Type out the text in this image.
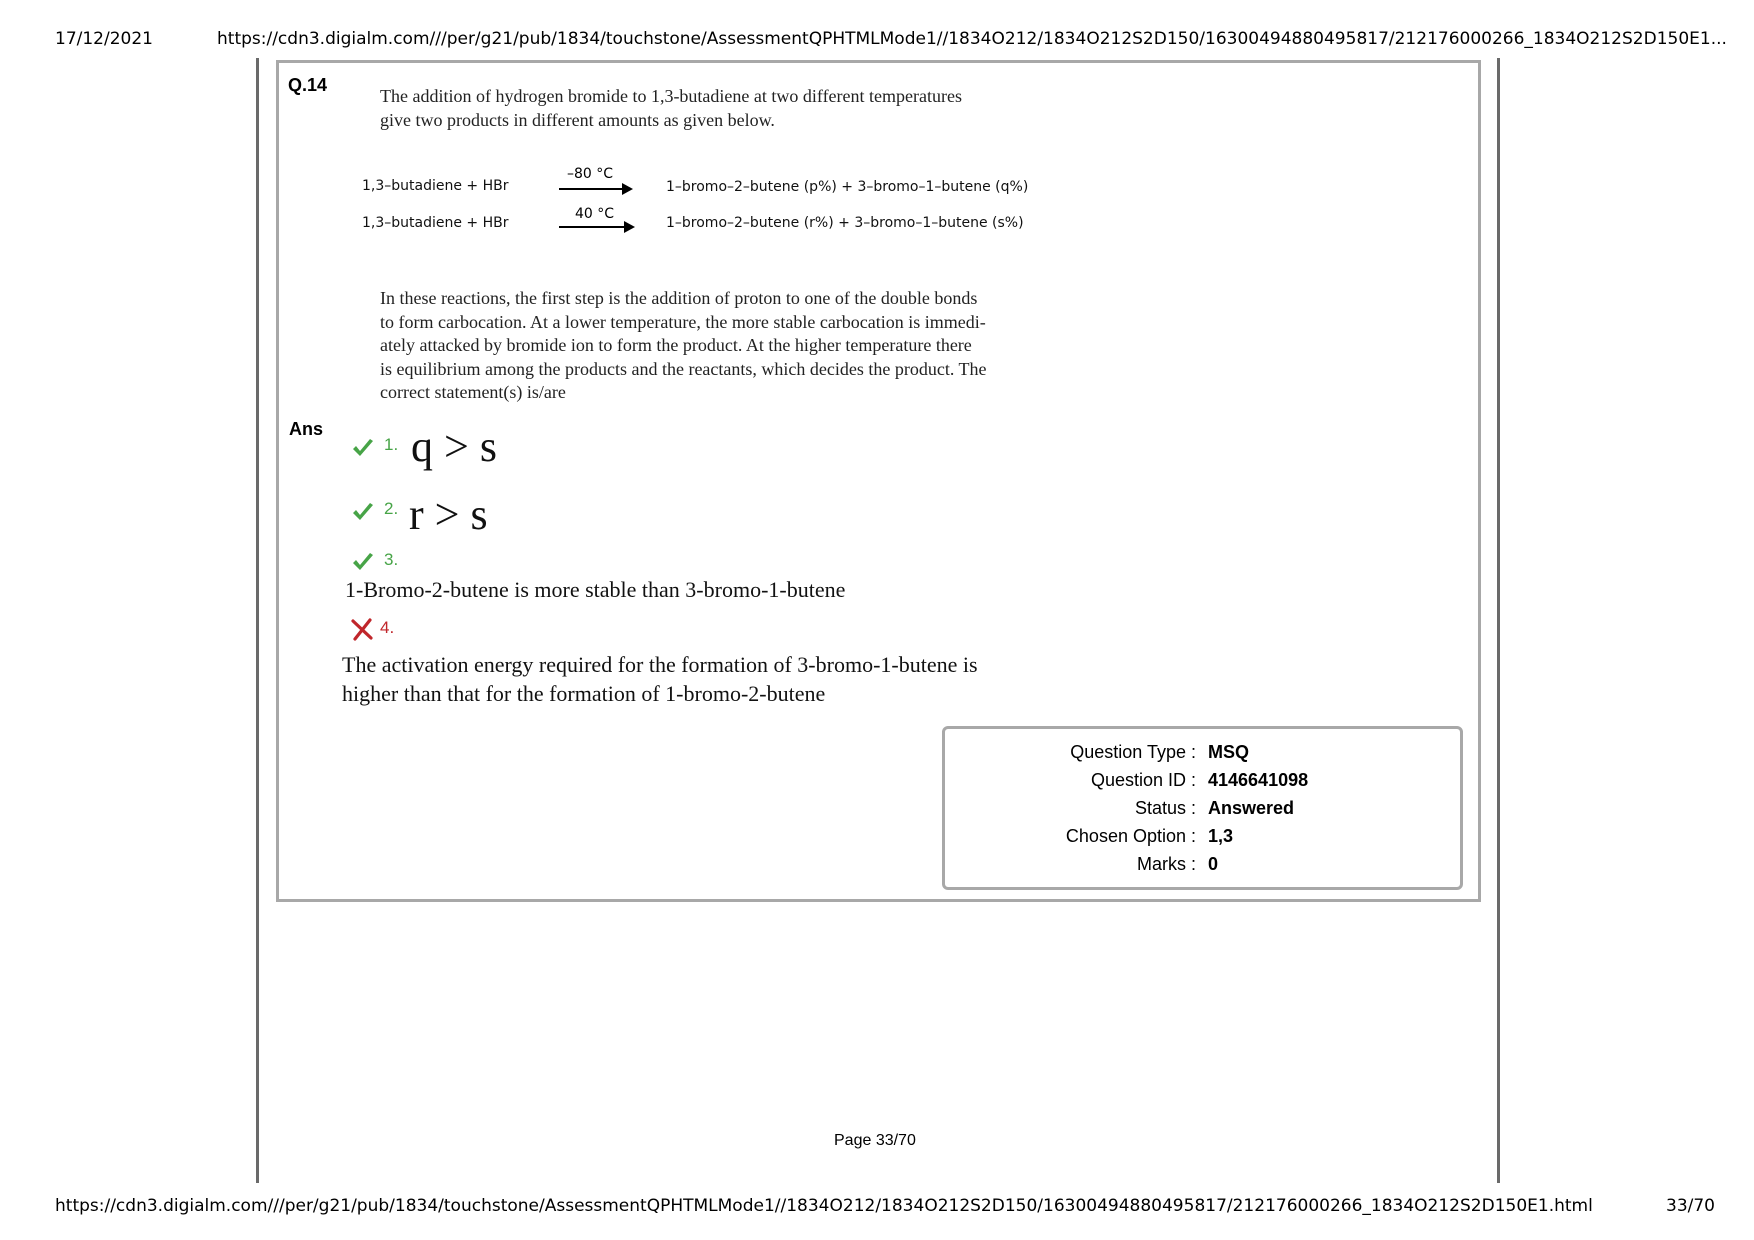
17/12/2021	https://cdn3.digialm.com///per/g21/pub/1834/touchstone/AssessmentQPHTMLMode1//1834O212/1834O212S2D150/16300494880495817/212176000266_1834O212S2D150E1...
Q.14
The addition of hydrogen bromide to 1,3-butadiene at two different temperatures
give two products in different amounts as given below.
1,3–butadiene + HBr
–80 °C
1–bromo–2–butene (p%) + 3–bromo–1–butene (q%)
1,3–butadiene + HBr
40 °C
1–bromo–2–butene (r%) + 3–bromo–1–butene (s%)
In these reactions, the first step is the addition of proton to one of the double bonds
to form carbocation. At a lower temperature, the more stable carbocation is immedi-
ately attacked by bromide ion to form the product. At the higher temperature there
is equilibrium among the products and the reactants, which decides the product. The
correct statement(s) is/are
Ans
1. q > s
2. r > s
3.
1-Bromo-2-butene is more stable than 3-bromo-1-butene
4.
The activation energy required for the formation of 3-bromo-1-butene is
higher than that for the formation of 1-bromo-2-butene
Question Type : MSQ
Question ID : 4146641098
Status : Answered
Chosen Option : 1,3
Marks : 0
Page 33/70
https://cdn3.digialm.com///per/g21/pub/1834/touchstone/AssessmentQPHTMLMode1//1834O212/1834O212S2D150/16300494880495817/212176000266_1834O212S2D150E1.html	33/70
